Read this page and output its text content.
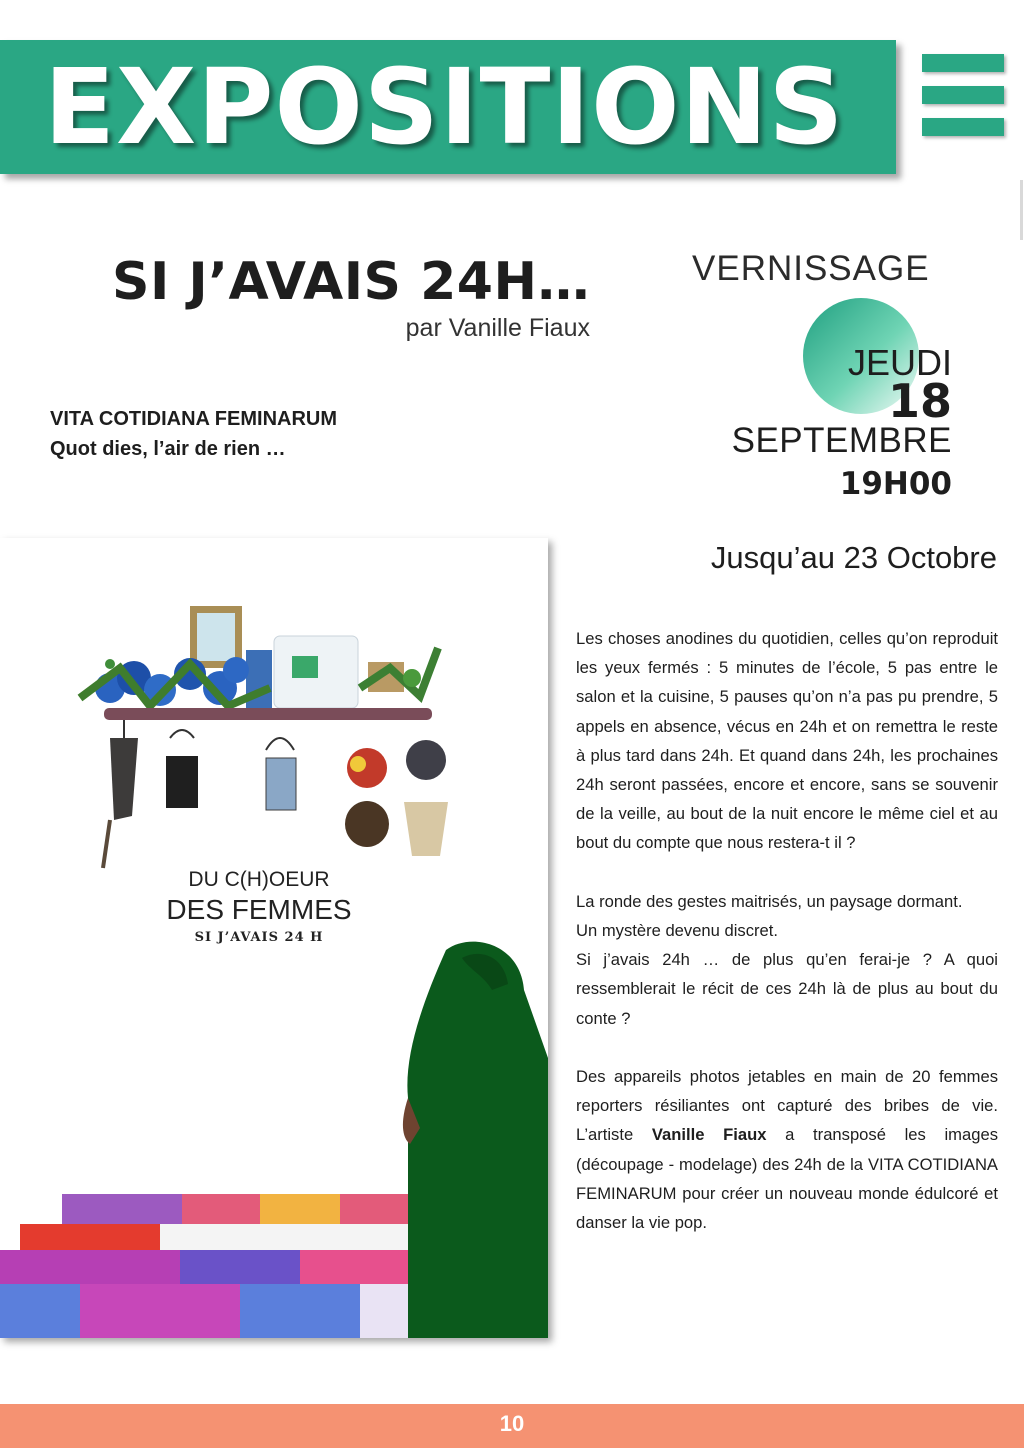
EXPOSITIONS
SI J’AVAIS 24H…
par Vanille Fiaux
VITA COTIDIANA FEMINARUM
Quot dies, l’air de rien …
VERNISSAGE
JEUDI
18
SEPTEMBRE
19H00
Jusqu’au 23 Octobre

Les choses anodines du quotidien, celles qu’on reproduit les yeux fermés : 5 minutes de l’école, 5 pas entre le salon et la cuisine, 5 pauses qu’on n’a pas pu prendre, 5 appels en absence, vécus en 24h et on remettra le reste à plus tard dans 24h. Et quand dans 24h, les prochaines 24h seront passées, encore et encore, sans se souvenir de la veille, au bout de la nuit encore le même ciel et au bout du compte que nous restera-t il ?

La ronde des gestes maitrisés, un paysage dormant.

Un mystère devenu discret.

Si j’avais 24h … de plus qu’en ferai-je ? A quoi ressemblerait le récit de ces 24h là de plus au bout du conte ?

Des appareils photos jetables en main de 20 femmes reporters résiliantes ont capturé des bribes de vie. L’artiste Vanille Fiaux a transposé les images (découpage - modelage) des 24h de la VITA COTIDIANA FEMINARUM pour créer un nouveau monde édulcoré et danser la vie pop.

DU C(H)OEUR
DES FEMMES
SI J’AVAIS 24 H
10
